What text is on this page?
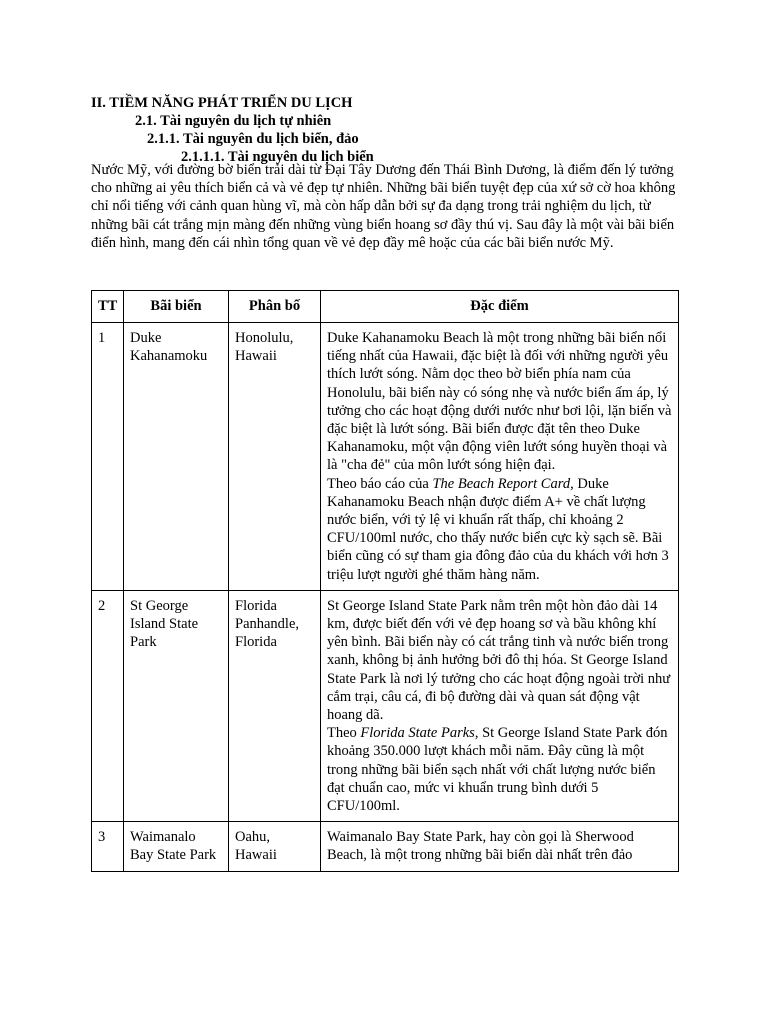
II. TIỀM NĂNG PHÁT TRIỂN DU LỊCH
2.1. Tài nguyên du lịch tự nhiên
2.1.1. Tài nguyên du lịch biển, đảo
2.1.1.1. Tài nguyên du lịch biển
Nước Mỹ, với đường bờ biển trải dài từ Đại Tây Dương đến Thái Bình Dương, là điểm đến lý tưởng cho những ai yêu thích biển cả và vẻ đẹp tự nhiên. Những bãi biển tuyệt đẹp của xứ sở cờ hoa không chỉ nổi tiếng với cảnh quan hùng vĩ, mà còn hấp dẫn bởi sự đa dạng trong trải nghiệm du lịch, từ những bãi cát trắng mịn màng đến những vùng biển hoang sơ đầy thú vị. Sau đây là một vài bãi biển điển hình, mang đến cái nhìn tổng quan về vẻ đẹp đầy mê hoặc của các bãi biển nước Mỹ.
TT	Bãi biển	Phân bố	Đặc điểm
1	Duke Kahanamoku	Honolulu, Hawaii	Duke Kahanamoku Beach là một trong những bãi biển nổi tiếng nhất của Hawaii, đặc biệt là đối với những người yêu thích lướt sóng. Nằm dọc theo bờ biển phía nam của Honolulu, bãi biển này có sóng nhẹ và nước biển ấm áp, lý tưởng cho các hoạt động dưới nước như bơi lội, lặn biển và đặc biệt là lướt sóng. Bãi biển được đặt tên theo Duke Kahanamoku, một vận động viên lướt sóng huyền thoại và là "cha đẻ" của môn lướt sóng hiện đại.
Theo báo cáo của The Beach Report Card, Duke Kahanamoku Beach nhận được điểm A+ về chất lượng nước biển, với tỷ lệ vi khuẩn rất thấp, chỉ khoảng 2 CFU/100ml nước, cho thấy nước biển cực kỳ sạch sẽ. Bãi biển cũng có sự tham gia đông đảo của du khách với hơn 3 triệu lượt người ghé thăm hàng năm.

2	St George Island State Park	Florida Panhandle, Florida	St George Island State Park nằm trên một hòn đảo dài 14 km, được biết đến với vẻ đẹp hoang sơ và bầu không khí yên bình. Bãi biển này có cát trắng tinh và nước biển trong xanh, không bị ảnh hưởng bởi đô thị hóa. St George Island State Park là nơi lý tưởng cho các hoạt động ngoài trời như cắm trại, câu cá, đi bộ đường dài và quan sát động vật hoang dã.
Theo Florida State Parks, St George Island State Park đón khoảng 350.000 lượt khách mỗi năm. Đây cũng là một trong những bãi biển sạch nhất với chất lượng nước biển đạt chuẩn cao, mức vi khuẩn trung bình dưới 5 CFU/100ml.

3	Waimanalo Bay State Park	Oahu, Hawaii	Waimanalo Bay State Park, hay còn gọi là Sherwood Beach, là một trong những bãi biển dài nhất trên đảo
